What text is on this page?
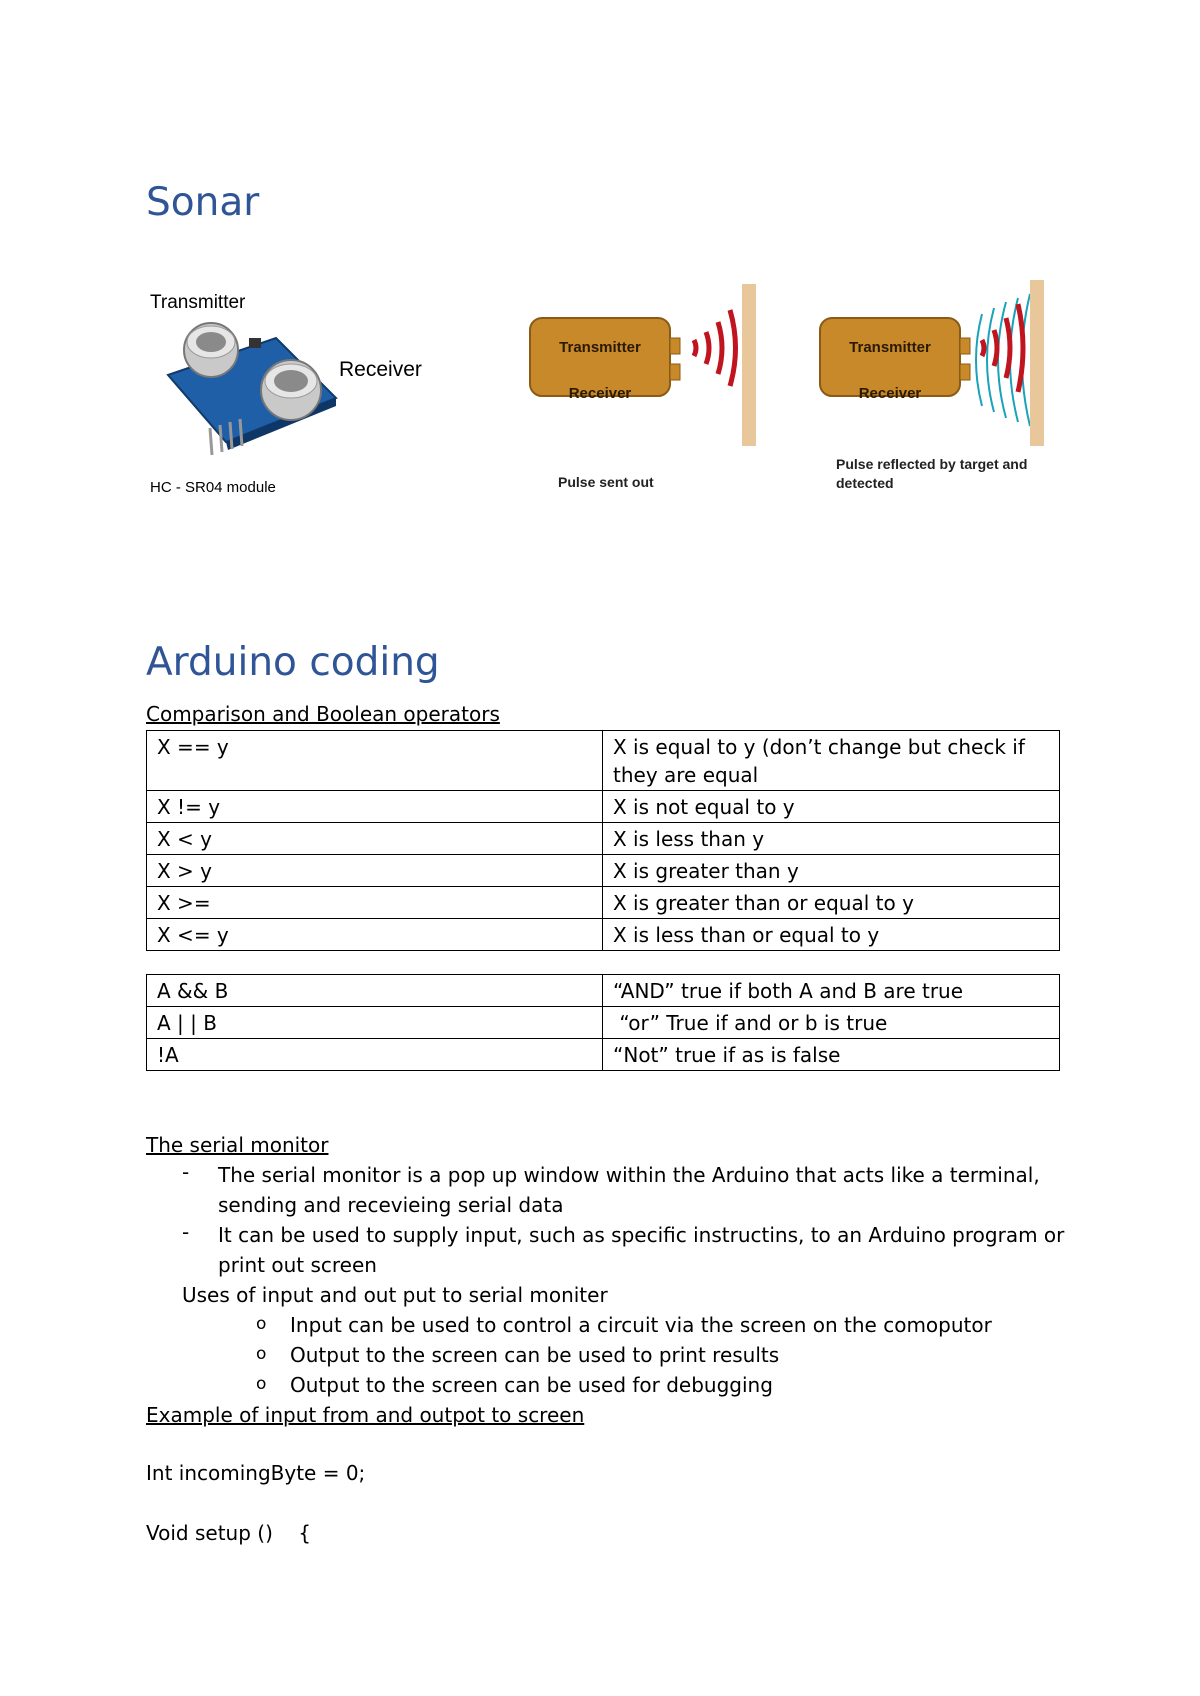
Sonar
Transmitter
Receiver
HC - SR04 module
Transmitter
Receiver
Pulse sent out
Transmitter
Receiver
Pulse reflected by target and
detected
Arduino coding
Comparison and Boolean operators
X == y	X is equal to y (don’t change but check if
they are equal
X != y	X is not equal to y
X < y	X is less than y
X > y	X is greater than y
X >=	X is greater than or equal to y
X <= y	X is less than or equal to y
A && B	“AND” true if both A and B are true
A | | B	“or” True if and or b is true
!A	“Not” true if as is false
The serial monitor
- The serial monitor is a pop up window within the Arduino that acts like a terminal,
sending and recevieing serial data
- It can be used to supply input, such as specific instructins, to an Arduino program or
print out screen
Uses of input and out put to serial moniter
o Input can be used to control a circuit via the screen on the comoputor
o Output to the screen can be used to print results
o Output to the screen can be used for debugging
Example of input from and outpot to screen
Int incomingByte = 0;
Void setup ()    {
